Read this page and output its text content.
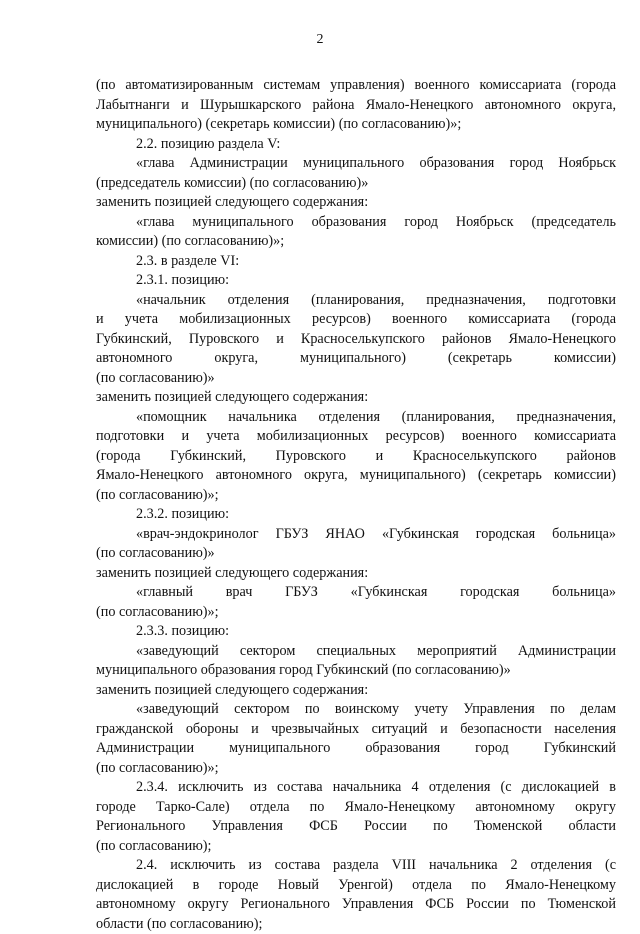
2
(по автоматизированным системам управления) военного комиссариата (города
Лабытнанги и Шурышкарского района Ямало-Ненецкого автономного округа,
муниципального) (секретарь комиссии) (по согласованию)»;
2.2. позицию раздела V:
«глава Администрации муниципального образования город Ноябрьск
(председатель комиссии) (по согласованию)»
заменить позицией следующего содержания:
«глава муниципального образования город Ноябрьск (председатель
комиссии) (по согласованию)»;
2.3. в разделе VI:
2.3.1. позицию:
«начальник отделения (планирования, предназначения, подготовки
и учета мобилизационных ресурсов) военного комиссариата (города
Губкинский, Пуровского и Красноселькупского районов Ямало-Ненецкого
автономного округа, муниципального) (секретарь комиссии)
(по согласованию)»
заменить позицией следующего содержания:
«помощник начальника отделения (планирования, предназначения,
подготовки и учета мобилизационных ресурсов) военного комиссариата
(города Губкинский, Пуровского и Красноселькупского районов
Ямало-Ненецкого автономного округа, муниципального) (секретарь комиссии)
(по согласованию)»;
2.3.2. позицию:
«врач-эндокринолог ГБУЗ ЯНАО «Губкинская городская больница»
(по согласованию)»
заменить позицией следующего содержания:
«главный врач ГБУЗ «Губкинская городская больница»
(по согласованию)»;
2.3.3. позицию:
«заведующий сектором специальных мероприятий Администрации
муниципального образования город Губкинский (по согласованию)»
заменить позицией следующего содержания:
«заведующий сектором по воинскому учету Управления по делам
гражданской обороны и чрезвычайных ситуаций и безопасности населения
Администрации муниципального образования город Губкинский
(по согласованию)»;
2.3.4. исключить из состава начальника 4 отделения (с дислокацией в
городе Тарко-Сале) отдела по Ямало-Ненецкому автономному округу
Регионального Управления ФСБ России по Тюменской области
(по согласованию);
2.4. исключить из состава раздела VIII начальника 2 отделения (с
дислокацией в городе Новый Уренгой) отдела по Ямало-Ненецкому
автономному округу Регионального Управления ФСБ России по Тюменской
области (по согласованию);
